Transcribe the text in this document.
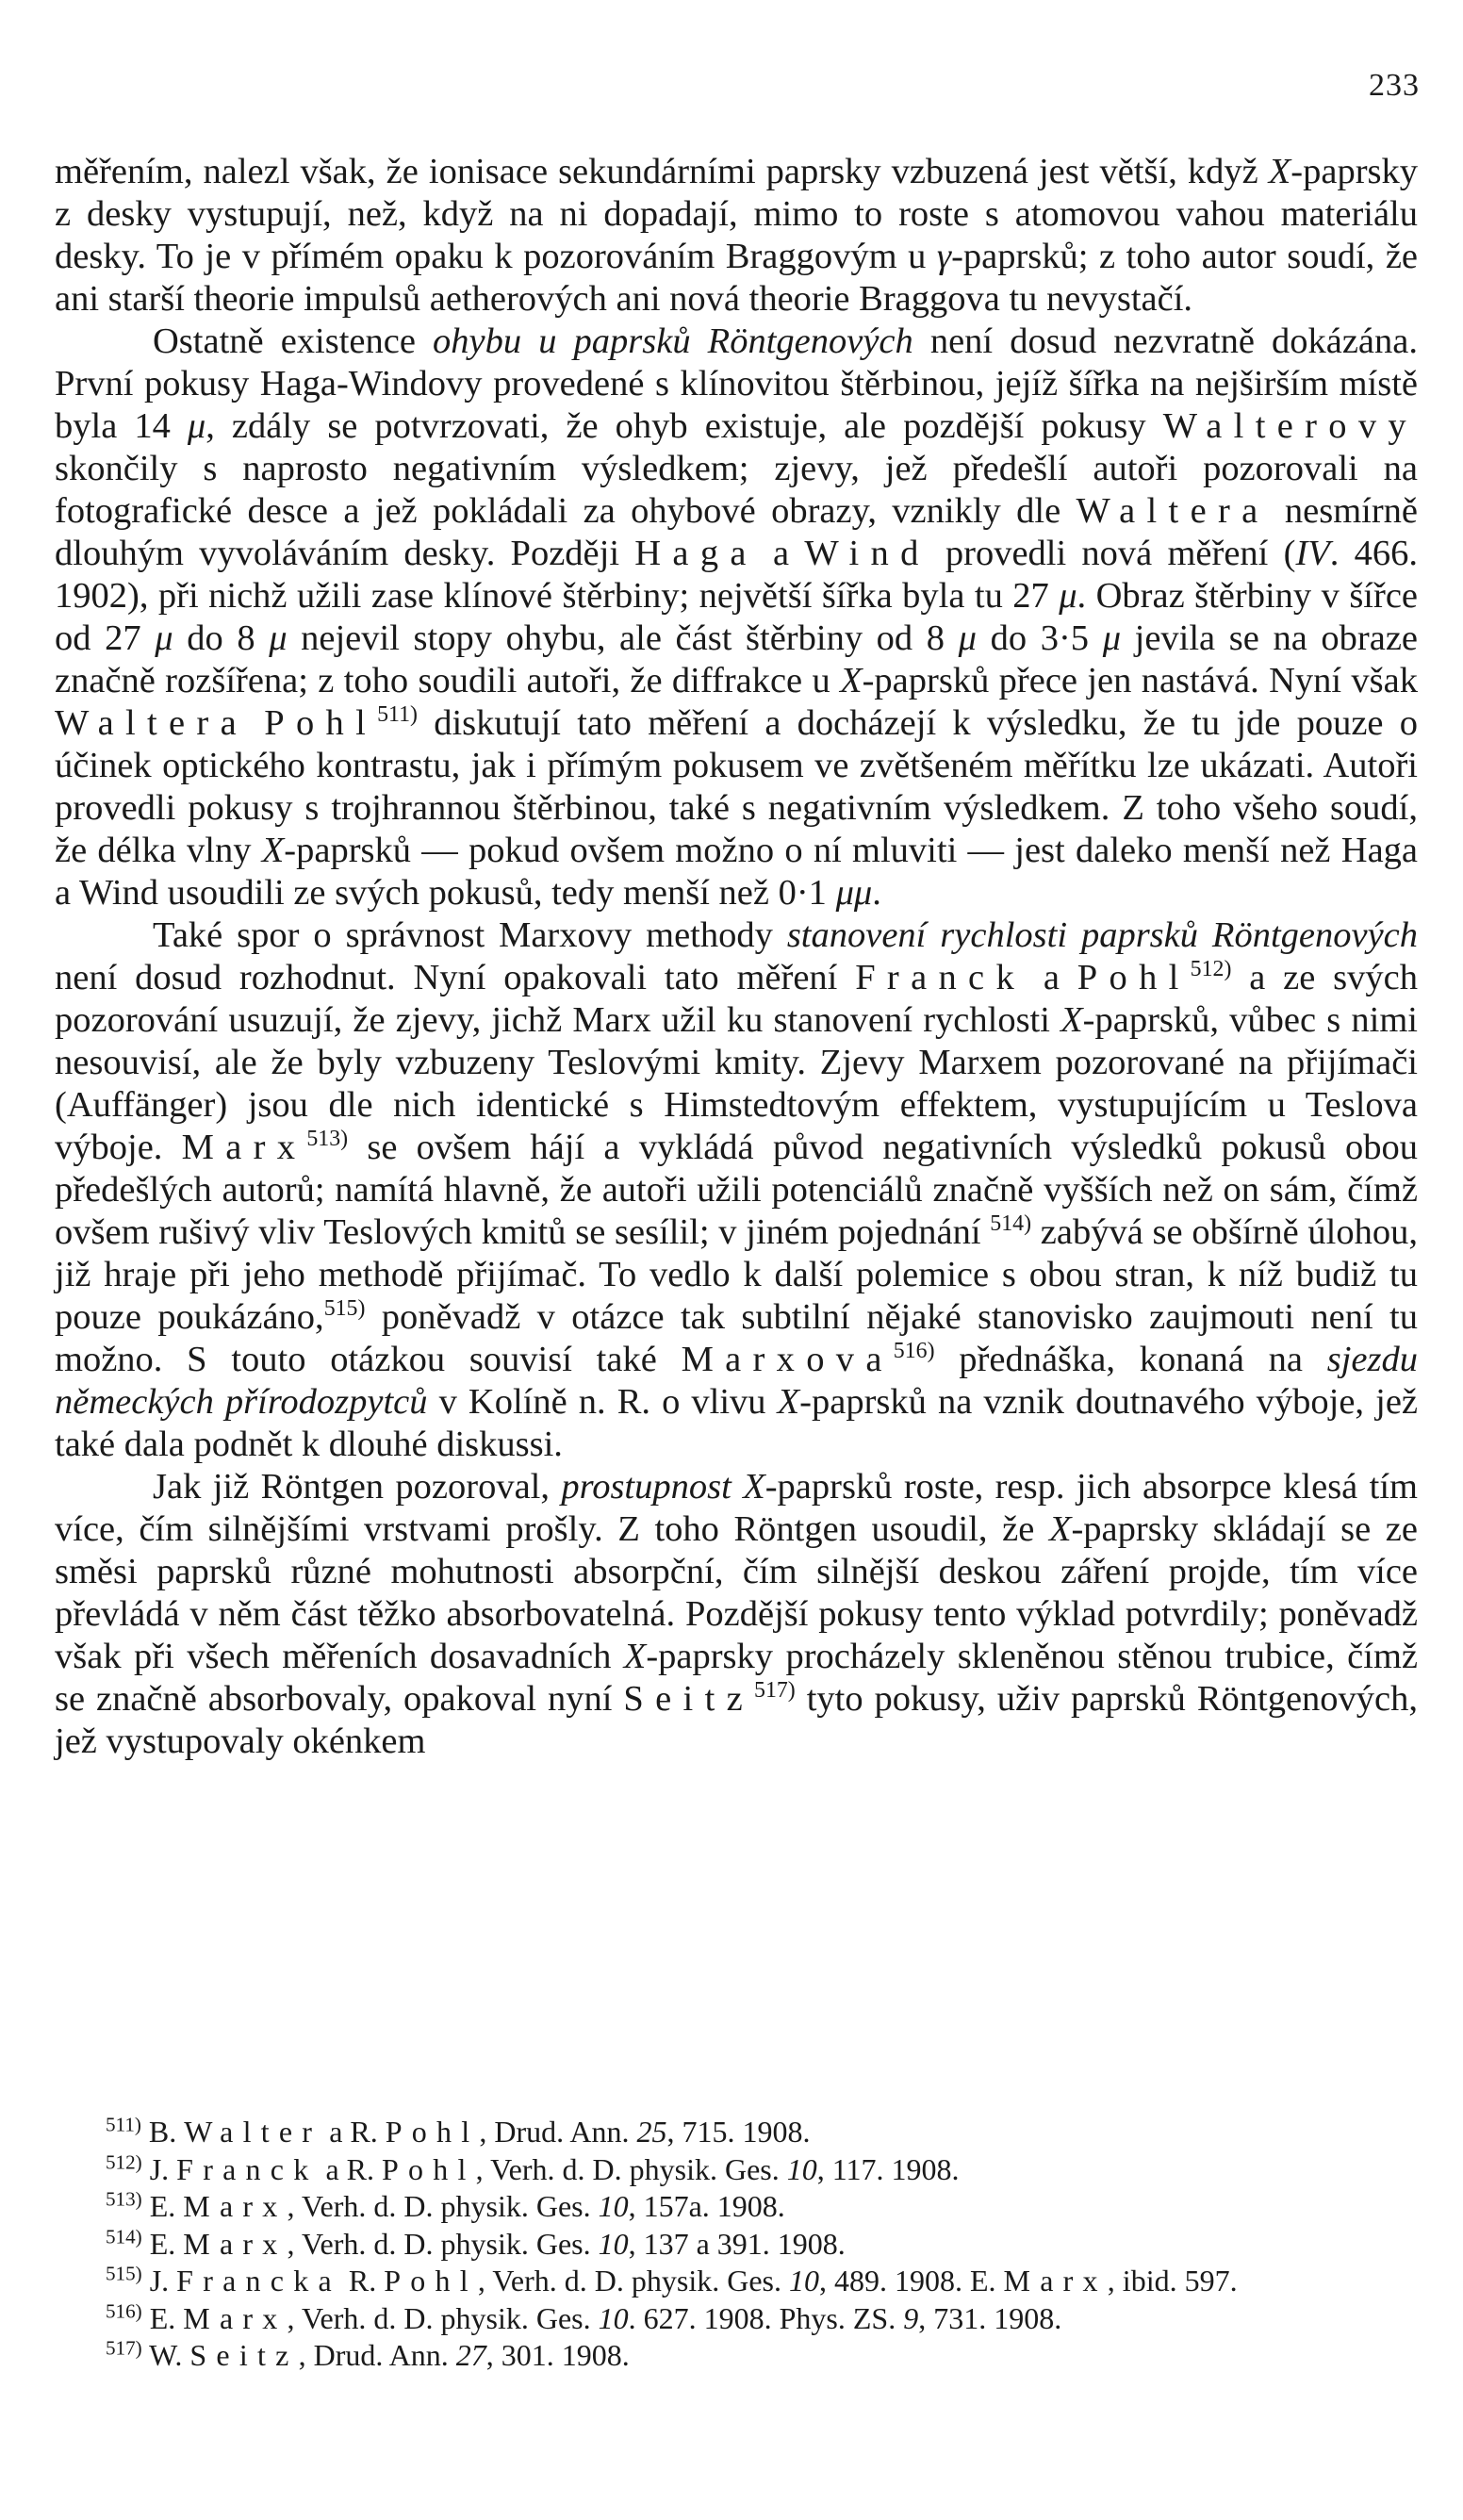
233

měřením, nalezl však, že ionisace sekundárními paprsky vzbuzená jest větší, když X-paprsky z desky vystupují, než, když na ni dopadají, mimo to roste s atomovou vahou materiálu desky. To je v přímém opaku k pozorováním Braggovým u γ-paprsků; z toho autor soudí, že ani starší theorie impulsů aetherových ani nová theorie Braggova tu nevystačí.

Ostatně existence ohybu u paprsků Röntgenových není dosud nezvratně dokázána. První pokusy Haga-Windovy provedené s klínovitou štěrbinou, jejíž šířka na nejširším místě byla 14 μ, zdály se potvrzovati, že ohyb existuje, ale pozdější pokusy Walterovy skončily s naprosto negativním výsledkem; zjevy, jež předešlí autoři pozorovali na fotografické desce a jež pokládali za ohybové obrazy, vznikly dle Waltera nesmírně dlouhým vyvoláváním desky. Později Haga a Wind provedli nová měření (IV. 466. 1902), při nichž užili zase klínové štěrbiny; největší šířka byla tu 27 μ. Obraz štěrbiny v šířce od 27 μ do 8 μ nejevil stopy ohybu, ale část štěrbiny od 8 μ do 3·5 μ jevila se na obraze značně rozšířena; z toho soudili autoři, že diffrakce u X-paprsků přece jen nastává. Nyní však Waltera Pohl$^{511)}$ diskutují tato měření a docházejí k výsledku, že tu jde pouze o účinek optického kontrastu, jak i přímým pokusem ve zvětšeném měřítku lze ukázati. Autoři provedli pokusy s trojhrannou štěrbinou, také s negativním výsledkem. Z toho všeho soudí, že délka vlny X-paprsků — pokud ovšem možno o ní mluviti — jest daleko menší než Haga a Wind usoudili ze svých pokusů, tedy menší než 0·1 μμ.

Také spor o správnost Marxovy methody stanovení rychlosti paprsků Röntgenových není dosud rozhodnut. Nyní opakovali tato měření Franck a Pohl$^{512)}$ a ze svých pozorování usuzují, že zjevy, jichž Marx užil ku stanovení rychlosti X-paprsků, vůbec s nimi nesouvisí, ale že byly vzbuzeny Teslovými kmity. Zjevy Marxem pozorované na přijímači (Auffänger) jsou dle nich identické s Himstedtovým effektem, vystupujícím u Teslova výboje. Marx$^{513)}$ se ovšem hájí a vykládá původ negativních výsledků pokusů obou předešlých autorů; namítá hlavně, že autoři užili potenciálů značně vyšších než on sám, čímž ovšem rušivý vliv Teslových kmitů se sesílil; v jiném pojednání $^{514)}$ zabývá se obšírně úlohou, již hraje při jeho methodě přijímač. To vedlo k další polemice s obou stran, k níž budiž tu pouze poukázáno,$^{515)}$ poněvadž v otázce tak subtilní nějaké stanovisko zaujmouti není tu možno. S touto otázkou souvisí také Marxova$^{516)}$ přednáška, konaná na sjezdu německých přírodozpytců v Kolíně n. R. o vlivu X-paprsků na vznik doutnavého výboje, jež také dala podnět k dlouhé diskussi.

Jak již Röntgen pozoroval, prostupnost X-paprsků roste, resp. jich absorpce klesá tím více, čím silnějšími vrstvami prošly. Z toho Röntgen usoudil, že X-paprsky skládají se ze směsi paprsků různé mohutnosti absorpční, čím silnější deskou záření projde, tím více převládá v něm část těžko absorbovatelná. Pozdější pokusy tento výklad potvrdily; poněvadž však při všech měřeních dosavadních X-paprsky procházely skleněnou stěnou trubice, čímž se značně absorbovaly, opakoval nyní Seitz$^{517)}$ tyto pokusy, uživ paprsků Röntgenových, jež vystupovaly okénkem

$^{511)}$ B. Walter a R. Pohl, Drud. Ann. 25, 715. 1908.

$^{512)}$ J. Franck a R. Pohl, Verh. d. D. physik. Ges. 10, 117. 1908.

$^{513)}$ E. Marx, Verh. d. D. physik. Ges. 10, 157a. 1908.

$^{514)}$ E. Marx, Verh. d. D. physik. Ges. 10, 137 a 391. 1908.

$^{515)}$ J. Francka R. Pohl, Verh. d. D. physik. Ges. 10, 489. 1908. E. Marx, ibid. 597.

$^{516)}$ E. Marx, Verh. d. D. physik. Ges. 10. 627. 1908. Phys. ZS. 9, 731. 1908.

$^{517)}$ W. Seitz, Drud. Ann. 27, 301. 1908.
